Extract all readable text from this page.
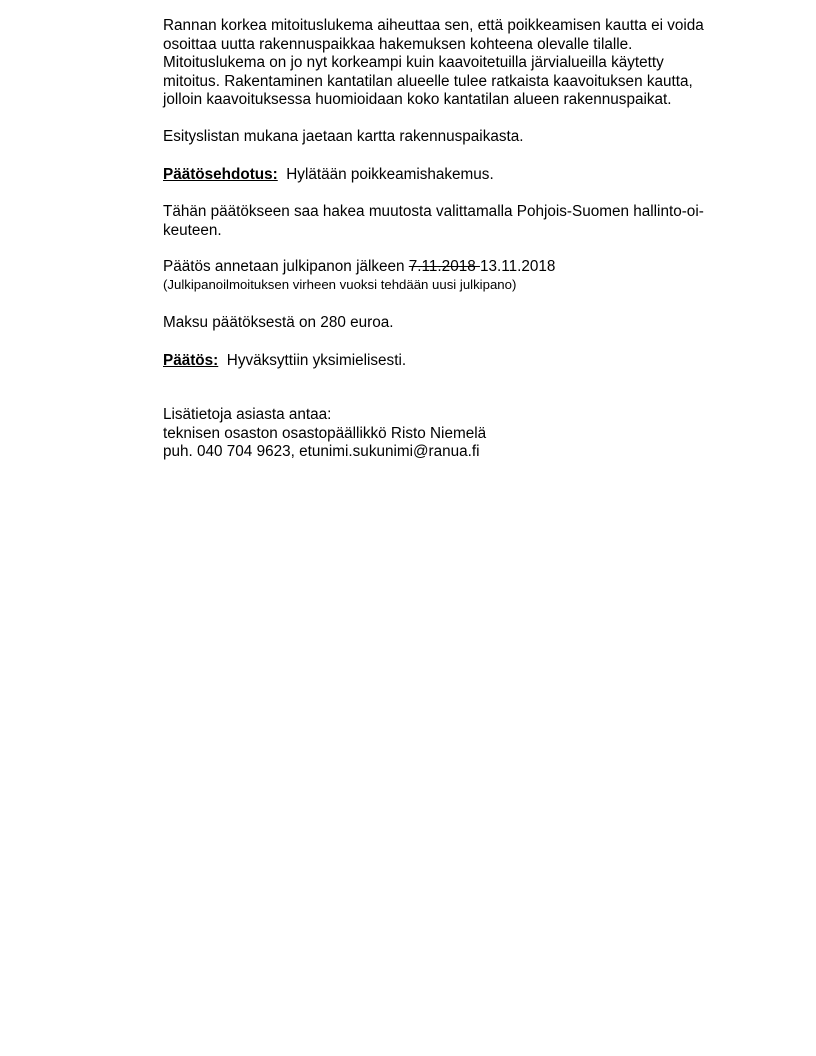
Rannan korkea mitoituslukema aiheuttaa sen, että poikkeamisen kautta ei voida
osoittaa uutta rakennuspaikkaa hakemuksen kohteena olevalle tilalle.
Mitoituslukema on jo nyt korkeampi kuin kaavoitetuilla järvialueilla käytetty
mitoitus. Rakentaminen kantatilan alueelle tulee ratkaista kaavoituksen kautta,
jolloin kaavoituksessa huomioidaan koko kantatilan alueen rakennuspaikat.
Esityslistan mukana jaetaan kartta rakennuspaikasta.
Päätösehdotus: Hylätään poikkeamishakemus.
Tähän päätökseen saa hakea muutosta valittamalla Pohjois-Suomen hallinto-oi-
keuteen.
Päätös annetaan julkipanon jälkeen 7.11.2018 13.11.2018
(Julkipanoilmoituksen virheen vuoksi tehdään uusi julkipano)
Maksu päätöksestä on 280 euroa.
Päätös: Hyväksyttiin yksimielisesti.
Lisätietoja asiasta antaa:
teknisen osaston osastopäällikkö Risto Niemelä
puh. 040 704 9623, etunimi.sukunimi@ranua.fi
